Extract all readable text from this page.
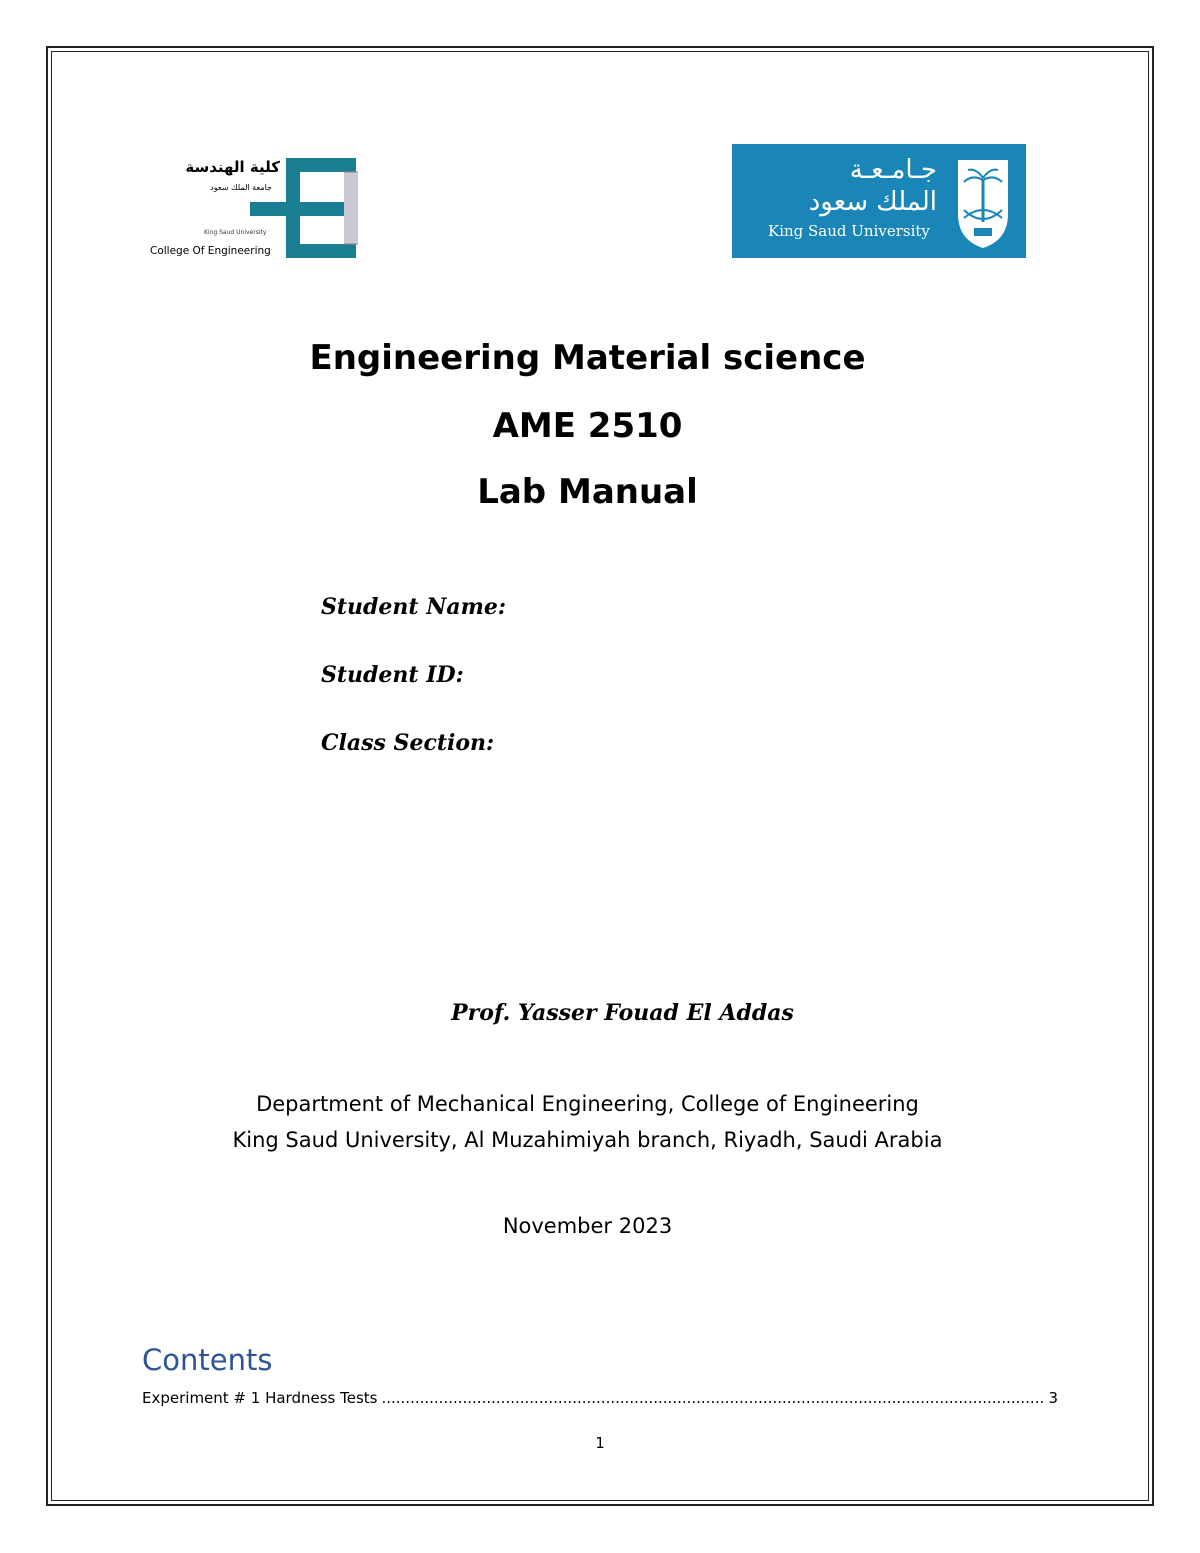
كلية الهندسة
جامعة الملك سعود
King Saud University
College Of Engineering
جـامـعـة
الملك سعود
King Saud University
Engineering Material science
AME 2510
Lab Manual
Student Name:
Student ID:
Class Section:
Prof. Yasser Fouad El Addas
Department of Mechanical Engineering, College of Engineering
King Saud University, Al Muzahimiyah branch, Riyadh, Saudi Arabia
November 2023
Contents
Experiment # 1 Hardness Tests
.....	3
1
